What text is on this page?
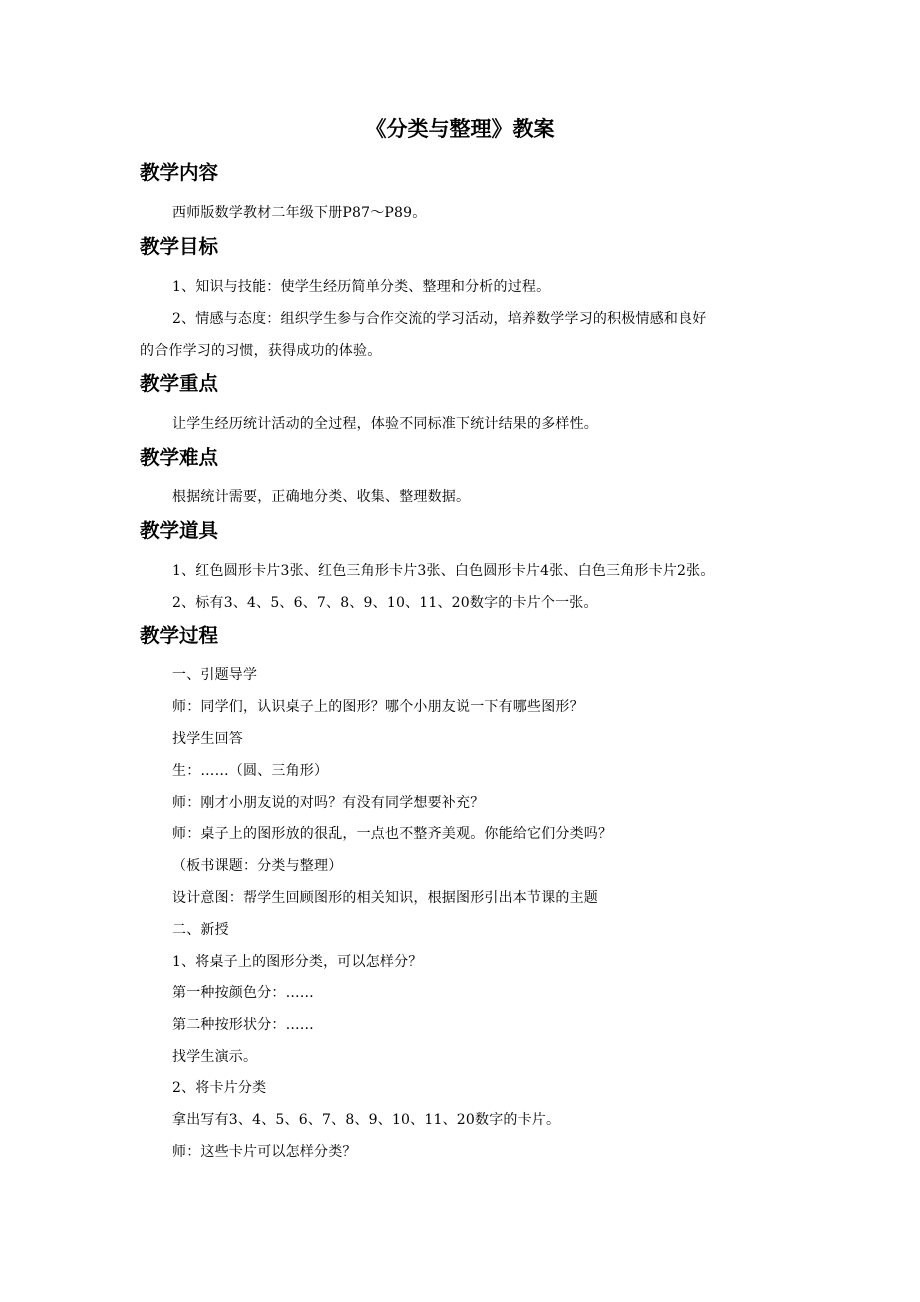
《分类与整理》教案
教学内容
西师版数学教材二年级下册P87～P89。
教学目标
1、知识与技能：使学生经历简单分类、整理和分析的过程。
2、情感与态度：组织学生参与合作交流的学习活动，培养数学学习的积极情感和良好
的合作学习的习惯，获得成功的体验。
教学重点
让学生经历统计活动的全过程，体验不同标准下统计结果的多样性。
教学难点
根据统计需要，正确地分类、收集、整理数据。
教学道具
1、红色圆形卡片3张、红色三角形卡片3张、白色圆形卡片4张、白色三角形卡片2张。
2、标有3、4、5、6、7、8、9、10、11、20数字的卡片个一张。
教学过程
一、引题导学
师：同学们，认识桌子上的图形？哪个小朋友说一下有哪些图形？
找学生回答
生：……（圆、三角形）
师：刚才小朋友说的对吗？有没有同学想要补充？
师：桌子上的图形放的很乱，一点也不整齐美观。你能给它们分类吗？
（板书课题：分类与整理）
设计意图：帮学生回顾图形的相关知识，根据图形引出本节课的主题
二、新授
1、将桌子上的图形分类，可以怎样分？
第一种按颜色分：……
第二种按形状分：……
找学生演示。
2、将卡片分类
拿出写有3、4、5、6、7、8、9、10、11、20数字的卡片。
师：这些卡片可以怎样分类？
